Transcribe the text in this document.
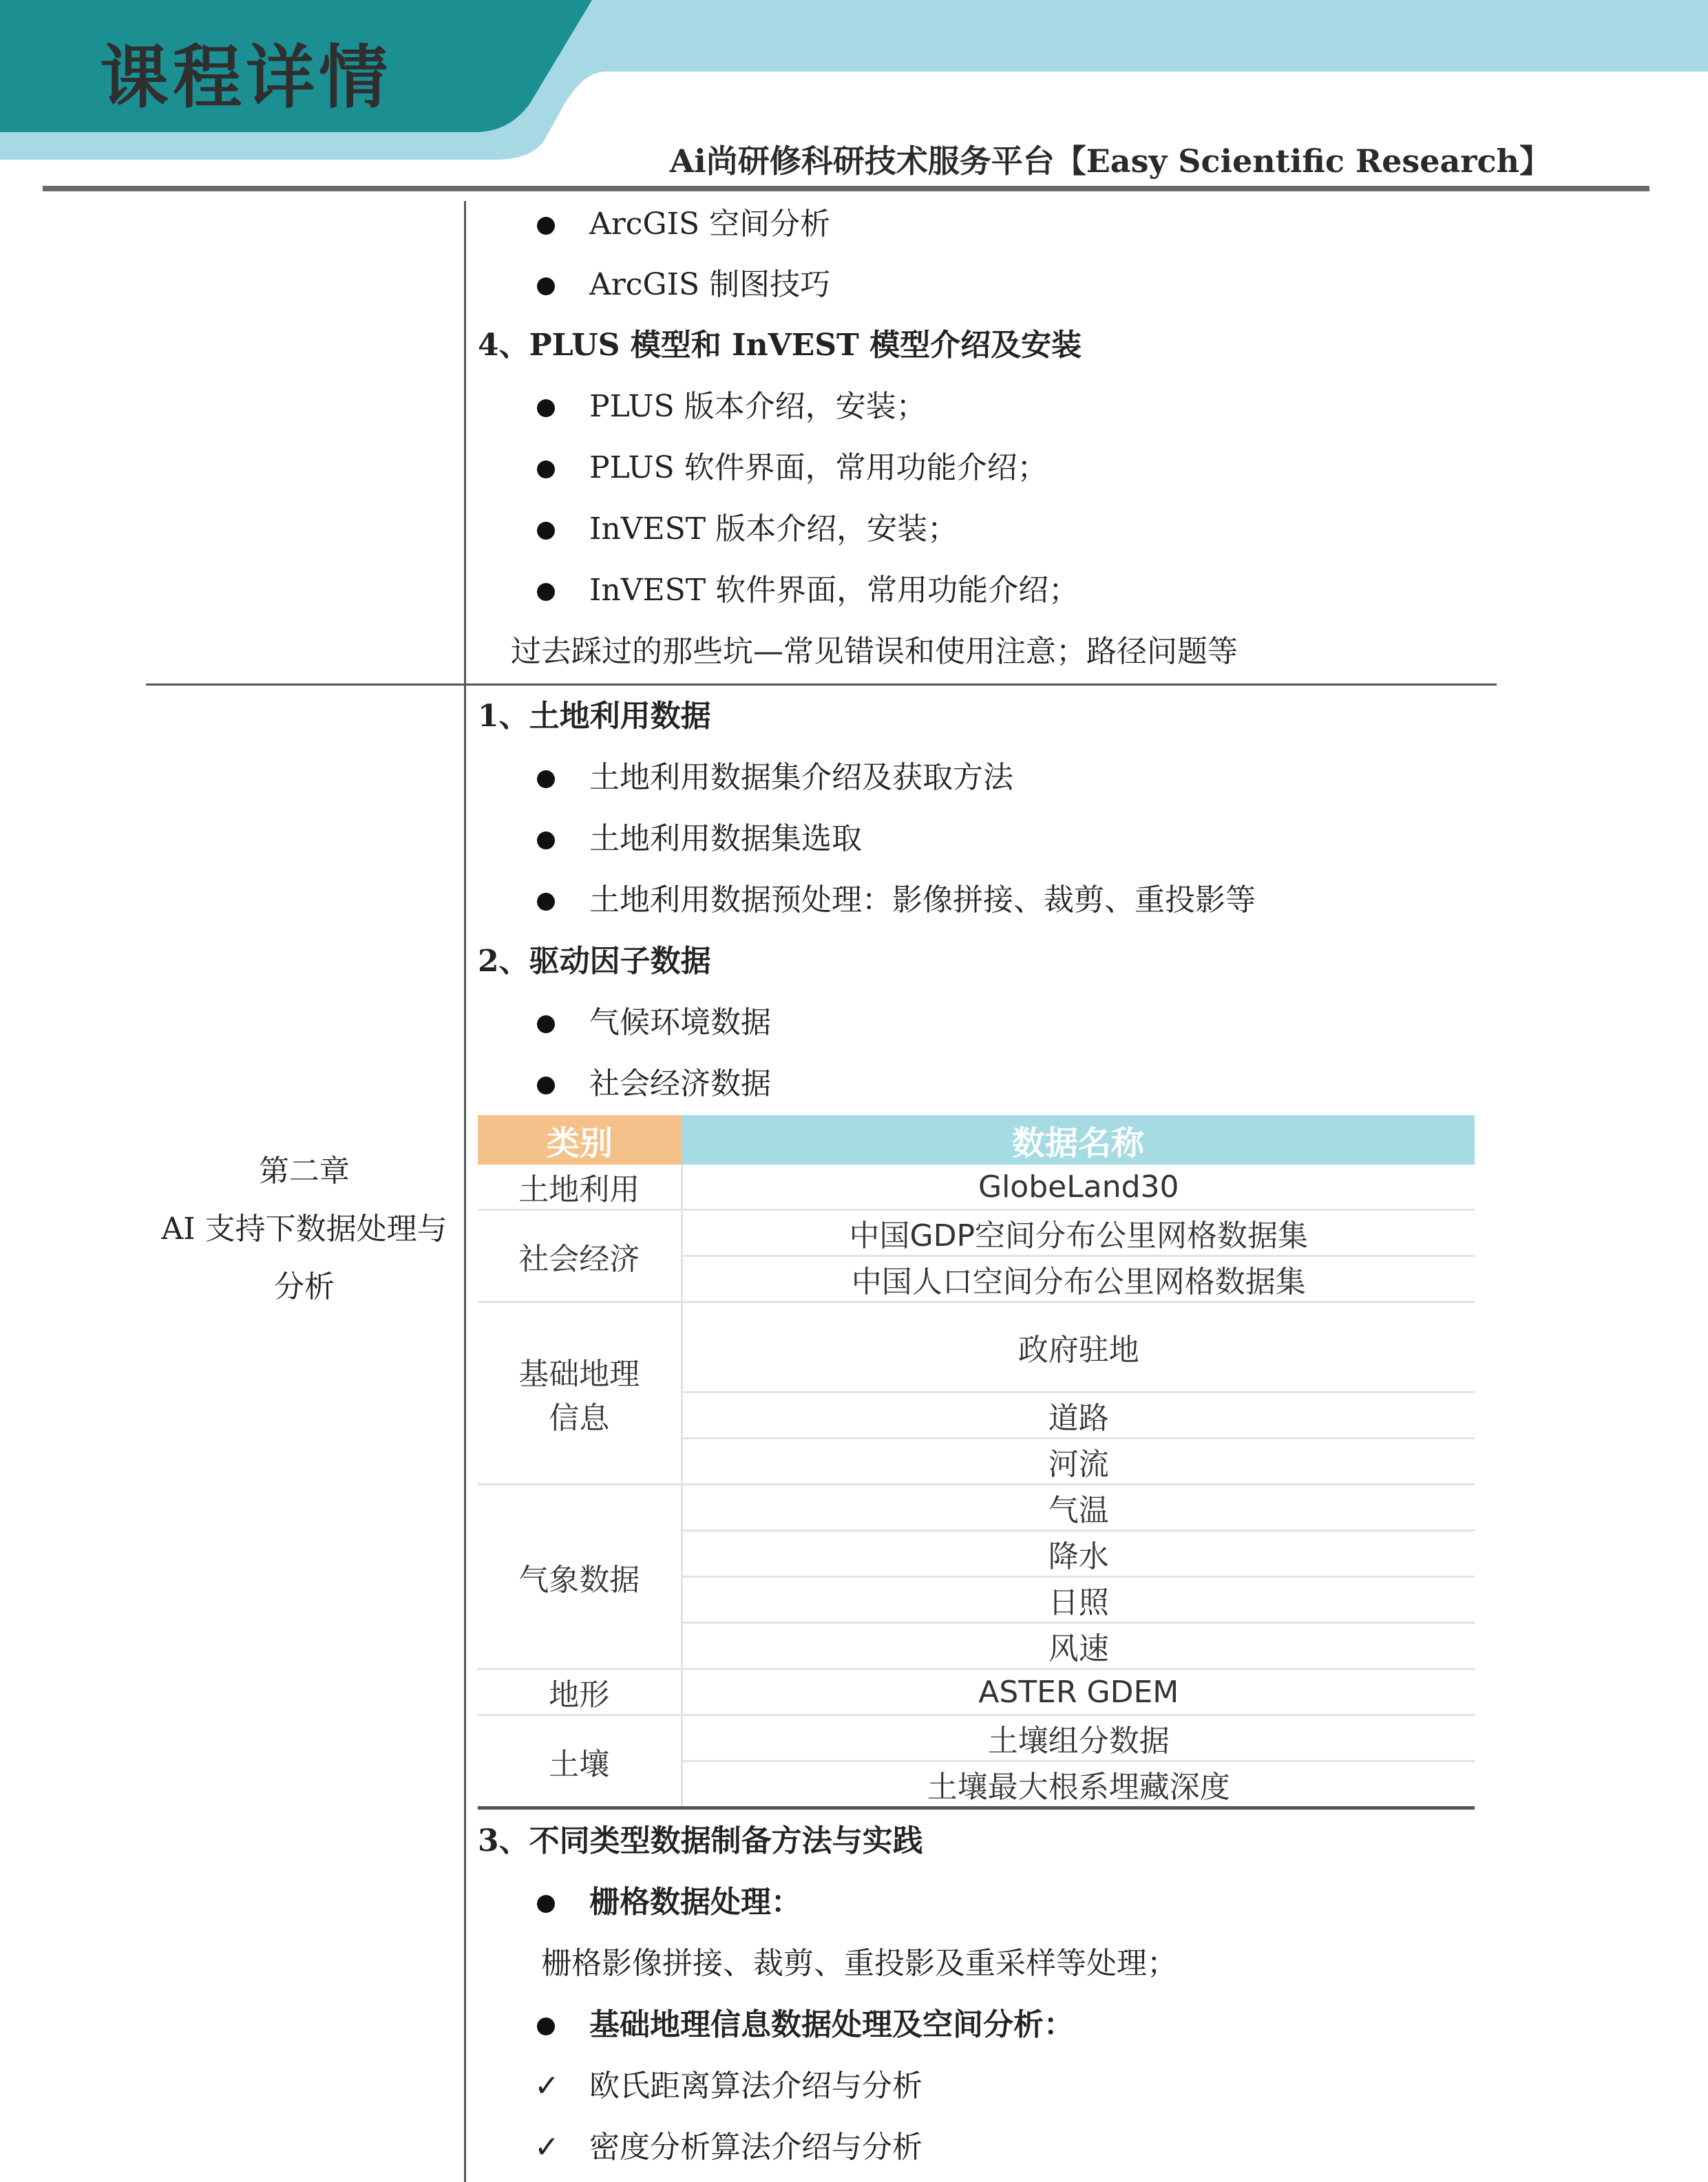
课程详情
Ai尚研修科研技术服务平台【Easy Scientific Research】
ArcGIS 空间分析
ArcGIS 制图技巧
4、PLUS 模型和 InVEST 模型介绍及安装
PLUS 版本介绍，安装；
PLUS 软件界面，常用功能介绍；
InVEST 版本介绍，安装；
InVEST 软件界面，常用功能介绍；
过去踩过的那些坑—常见错误和使用注意；路径问题等
第二章
AI 支持下数据处理与
分析
1、土地利用数据
土地利用数据集介绍及获取方法
土地利用数据集选取
土地利用数据预处理：影像拼接、裁剪、重投影等
2、驱动因子数据
气候环境数据
社会经济数据
类别	数据名称
土地利用	GlobeLand30
社会经济	中国GDP空间分布公里网格数据集
	中国人口空间分布公里网格数据集

基础地理
信息	政府驻地
	道路
	河流
气象数据	气温
	降水
	日照
	风速
地形	ASTER GDEM
土壤	土壤组分数据
	土壤最大根系埋藏深度
3、不同类型数据制备方法与实践
栅格数据处理：
栅格影像拼接、裁剪、重投影及重采样等处理；
基础地理信息数据处理及空间分析：
✓ 欧氏距离算法介绍与分析
✓ 密度分析算法介绍与分析
